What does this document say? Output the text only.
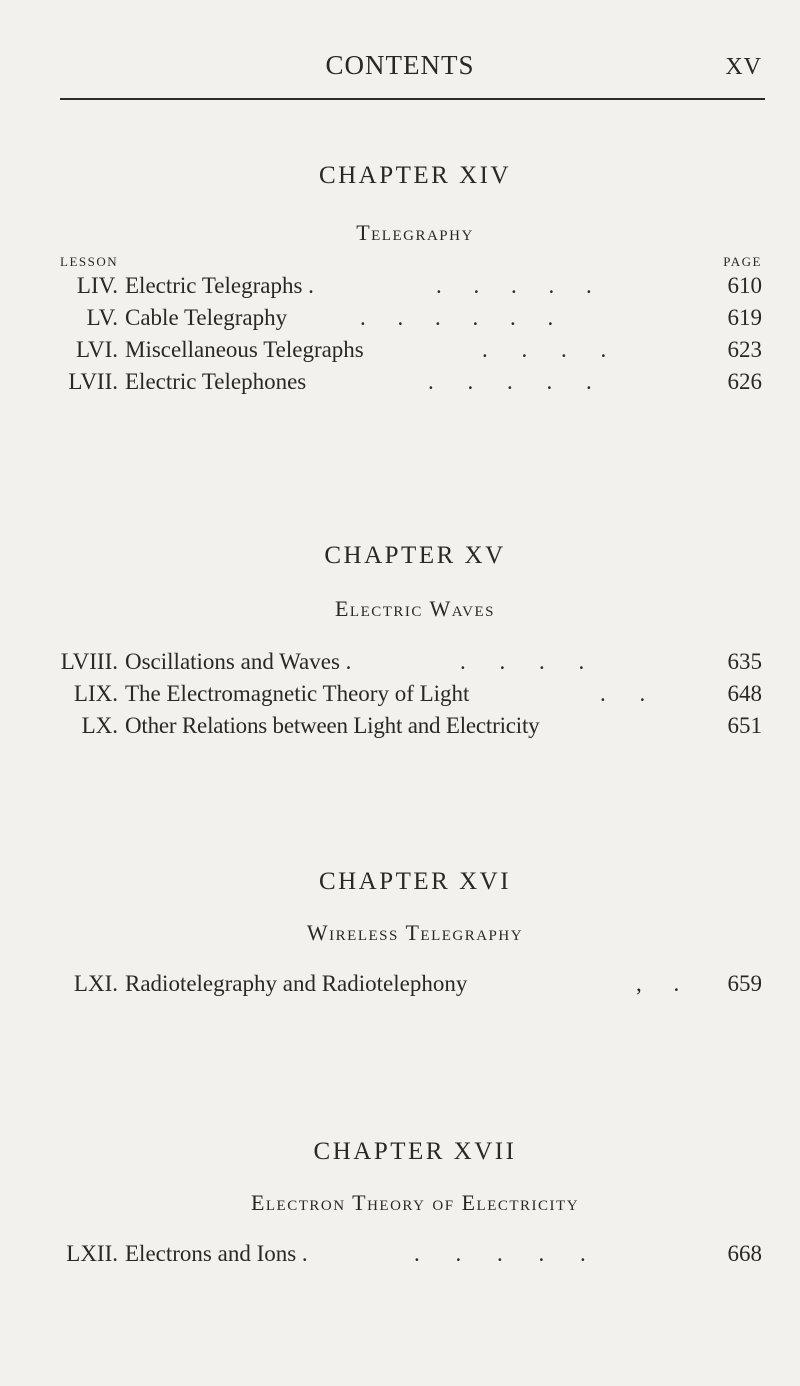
CONTENTS	XV
CHAPTER XIV
Telegraphy
LESSON	PAGE
LIV. Electric Telegraphs .	. . . . .	610
LV. Cable Telegraphy	. . . . . .	619
LVI. Miscellaneous Telegraphs	. . . .	623
LVII. Electric Telephones	. . . . .	626
CHAPTER XV
Electric Waves
LVIII. Oscillations and Waves .	. . . .	635
LIX. The Electromagnetic Theory of Light	. .	648
LX. Other Relations between Light and Electricity	651
CHAPTER XVI
Wireless Telegraphy
LXI. Radiotelegraphy and Radiotelephony	, . 659
CHAPTER XVII
Electron Theory of Electricity
LXII. Electrons and Ions .	. . . . .	668
